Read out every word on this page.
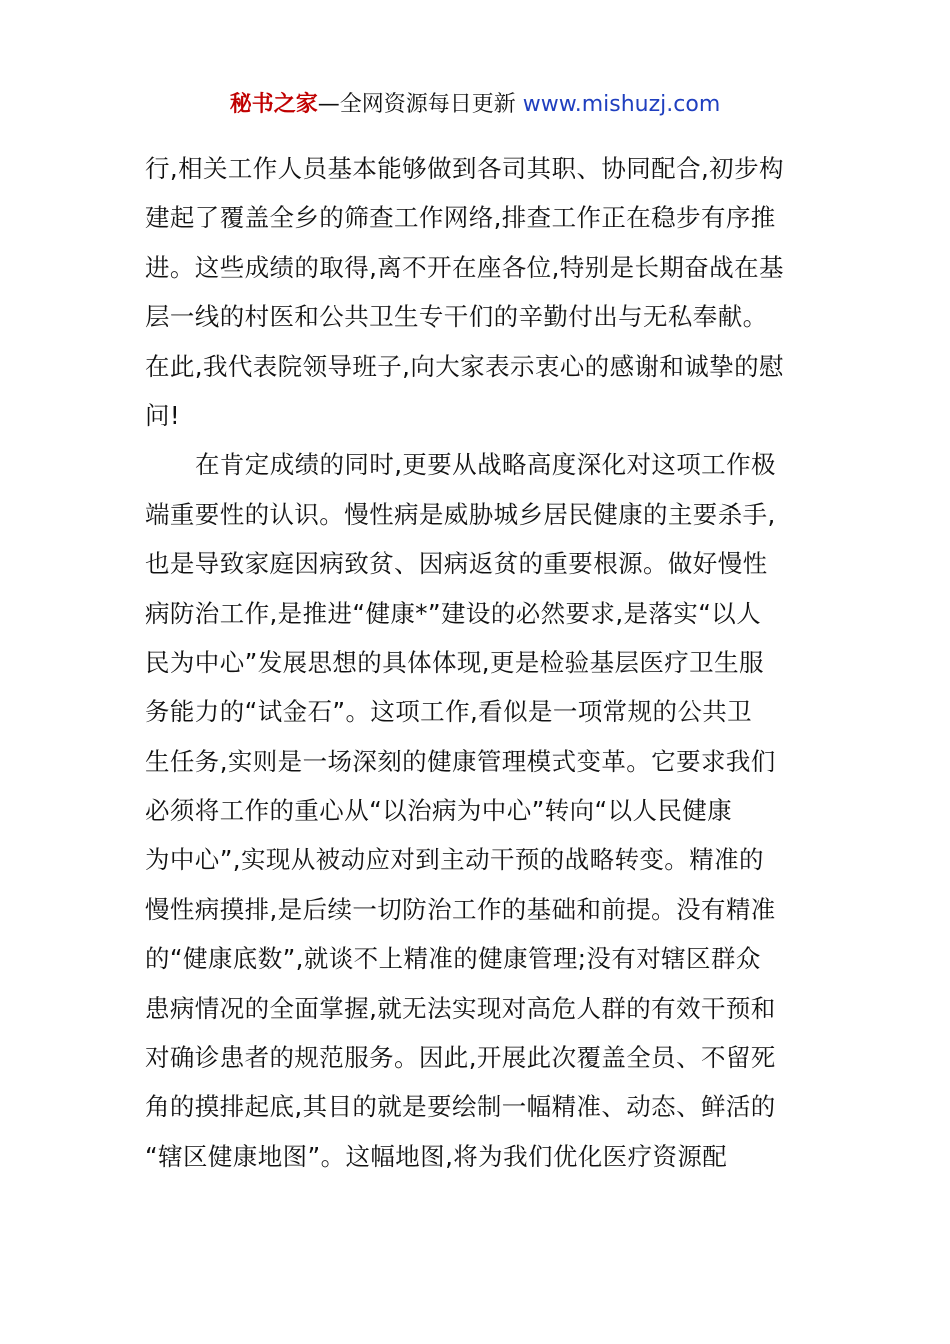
秘书之家—全网资源每日更新 www.mishuzj.com
行,相关工作人员基本能够做到各司其职、协同配合,初步构
建起了覆盖全乡的筛查工作网络,排查工作正在稳步有序推
进。这些成绩的取得,离不开在座各位,特别是长期奋战在基
层一线的村医和公共卫生专干们的辛勤付出与无私奉献。
在此,我代表院领导班子,向大家表示衷心的感谢和诚挚的慰
问!
在肯定成绩的同时,更要从战略高度深化对这项工作极
端重要性的认识。慢性病是威胁城乡居民健康的主要杀手,
也是导致家庭因病致贫、因病返贫的重要根源。做好慢性
病防治工作,是推进“健康*”建设的必然要求,是落实“以人
民为中心”发展思想的具体体现,更是检验基层医疗卫生服
务能力的“试金石”。这项工作,看似是一项常规的公共卫
生任务,实则是一场深刻的健康管理模式变革。它要求我们
必须将工作的重心从“以治病为中心”转向“以人民健康
为中心”,实现从被动应对到主动干预的战略转变。精准的
慢性病摸排,是后续一切防治工作的基础和前提。没有精准
的“健康底数”,就谈不上精准的健康管理;没有对辖区群众
患病情况的全面掌握,就无法实现对高危人群的有效干预和
对确诊患者的规范服务。因此,开展此次覆盖全员、不留死
角的摸排起底,其目的就是要绘制一幅精准、动态、鲜活的
“辖区健康地图”。这幅地图,将为我们优化医疗资源配
